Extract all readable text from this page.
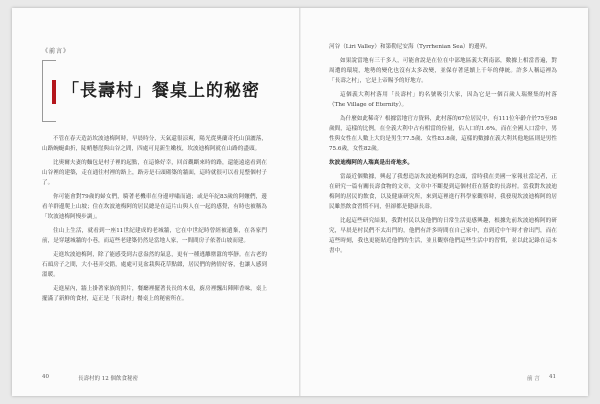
《前言》
「長壽村」餐桌上的秘密

不管在春天造訪坎波迪梅阿時，早晨時分，天氣還很涼爽，陽光從奧蘭奇托山頂灑落，山路蜿蜒曲折，陡峭懸崖與山谷之間，四處可見新生嫩枝，坎波迪梅阿就在山路的盡頭。

比奧爾夫妻的麵包是村子裡的起點，在這條好幸，回首觀斷來時的路，還能遠遠看到在山谷裡的建築，走在通往村裡的路上，路旁是石頭砌築的牆面，這時就很可以看見整個村子了。

你可能會對79歲的婦女們，騎著老機車在身邊呼嘯而過；或是年紀83歲的阿嬤們，邊看羊群邊爬上山坡；住在坎波迪梅阿的居民總是在這片山與人在一起的感覺，有時也被稱為「坎波迪梅阿慢步調」。

住山上生活，就看到一座11世紀建成的老城牆，它在中世紀時曾經被遺棄，在各家門前，是穿越城牆的小巷，而這些老建築仍然是當地人家，一間間房子依著山坡而建。

走進坎波迪梅阿，除了能感受到古意盎然的氣息，更有一種逃離塵囂的寧靜。在古老的石頭房子之間，大小巷弄交錯，處處可見盆栽與花草點綴，居民們的熱情好客，也讓人感到溫暖。

走進屋內，牆上掛著家族的照片，餐廳裡擺著長長的木桌，廚房裡飄出陣陣香味，桌上擺滿了新鮮的食材，這正是「長壽村」餐桌上的秘密所在。

40	長壽村的 12 個飲食秘密

河谷（Liri Valley）和第勒尼安海（Tyrrhenian Sea）的邊界。

如果說當地有三千多人，可能會說是在位在中部地區義大利南部，數據上相當普遍，對周遭的環境，地勢的變化也沒有太多改變，並保存著延續上千年的傳統。許多人稱這裡為「長壽之村」，它是上帝賜予的好地方。

這個義大利村落用「長壽村」的名號吸引大家，因為它是一個百歲人瑞聚集的村落（The Village of Eternity）。

為什麼如此稀奇？根據當地官方資料，此村落的67位居民中，有111位年齡介於75至98歲間，這樣的比例，在全義大利中占有相當的份量，佔人口的1.6%，而在全國人口當中，男性與女性在人數上大約是男生77.5歲、女性83.8歲，這樣的數據在義大利其他地區則是男性75.6歲，女性82歲。

坎波迪梅阿的人瑞真是出奇地多。

當最近個數據，興起了我想造訪坎波迪梅阿的念頭，當時我在美國一家報社當記者，正在研究一篇有關長壽食物的文章，文章中不斷提到這個村莊在膳食的長壽村。當我對坎波迪梅阿的居民的飲食，以及健康研究所，來到這裡進行科學家觀察時，我發現坎波迪梅阿的居民雖然飲食習慣不同，但卻都是健康長壽。

比起這些研究結果，我對村民以及他們的日常生活更感興趣，根據先前坎波迪梅阿的研究，早晨是村民們不太出門的，他們有許多時間在自己家中，直到近中午時才會出門，而在這些時刻，我也更能貼近他們的生活，並且觀察他們這些生活中的習慣，並以此記錄在這本書中。

前 言 41
